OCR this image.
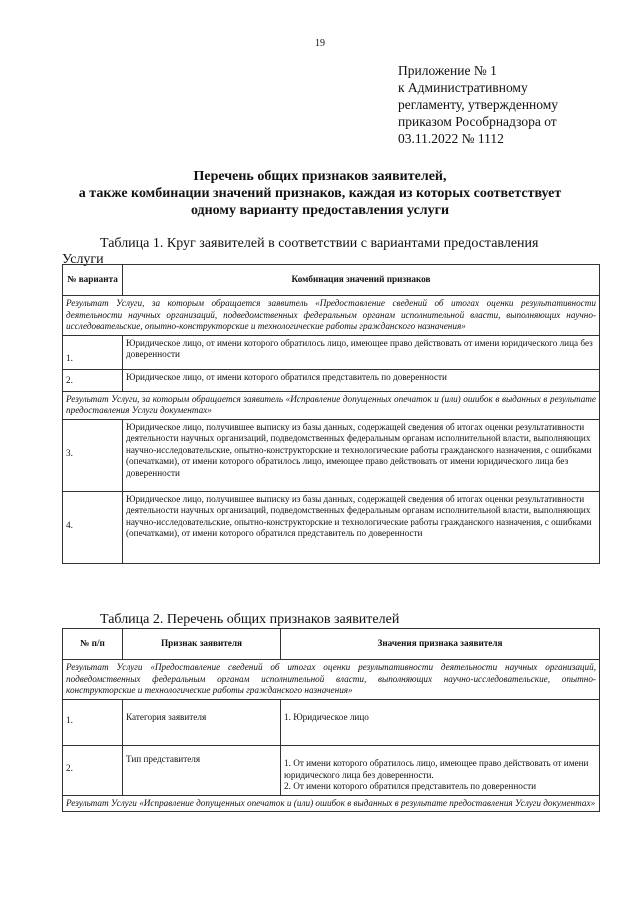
19
Приложение № 1
к Административному
регламенту, утвержденному
приказом Рособрнадзора от
03.11.2022 № 1112
Перечень общих признаков заявителей,
а также комбинации значений признаков, каждая из которых соответствует
одному варианту предоставления услуги
Таблица 1. Круг заявителей в соответствии с вариантами предоставления
Услуги
№ варианта	Комбинация значений признаков
Результат Услуги, за которым обращается заявитель «Предоставление сведений об итогах оценки результативности деятельности научных организаций, подведомственных федеральным органам исполнительной власти, выполняющих научно-исследовательские, опытно-конструкторские и технологические работы гражданского назначения»	
1.	Юридическое лицо, от имени которого обратилось лицо, имеющее право действовать от имени юридического лица без доверенности
2.	Юридическое лицо, от имени которого обратился представитель по доверенности
Результат Услуги, за которым обращается заявитель «Исправление допущенных опечаток и (или) ошибок в выданных в результате предоставления Услуги документах»	
3.	Юридическое лицо, получившее выписку из базы данных, содержащей сведения об итогах оценки результативности деятельности научных организаций, подведомственных федеральным органам исполнительной власти, выполняющих научно-исследовательские, опытно-конструкторские и технологические работы гражданского назначения, с ошибками (опечатками), от имени которого обратилось лицо, имеющее право действовать от имени юридического лица без доверенности
4.	Юридическое лицо, получившее выписку из базы данных, содержащей сведения об итогах оценки результативности деятельности научных организаций, подведомственных федеральным органам исполнительной власти, выполняющих научно-исследовательские, опытно-конструкторские и технологические работы гражданского назначения, с ошибками (опечатками), от имени которого обратился представитель по доверенности
Таблица 2. Перечень общих признаков заявителей
№ п/п	Признак заявителя	Значения признака заявителя
Результат Услуги «Предоставление сведений об итогах оценки результативности деятельности научных организаций, подведомственных федеральным органам исполнительной власти, выполняющих научно-исследовательские, опытно-конструкторские и технологические работы гражданского назначения»		
1.	Категория заявителя	1. Юридическое лицо

2.	Тип представителя	1. От имени которого обратилось лицо, имеющее право действовать от имени юридического лица без доверенности.
2. От имени которого обратился представитель по доверенности

Результат Услуги «Исправление допущенных опечаток и (или) ошибок в выданных в результате предоставления Услуги документах»		
